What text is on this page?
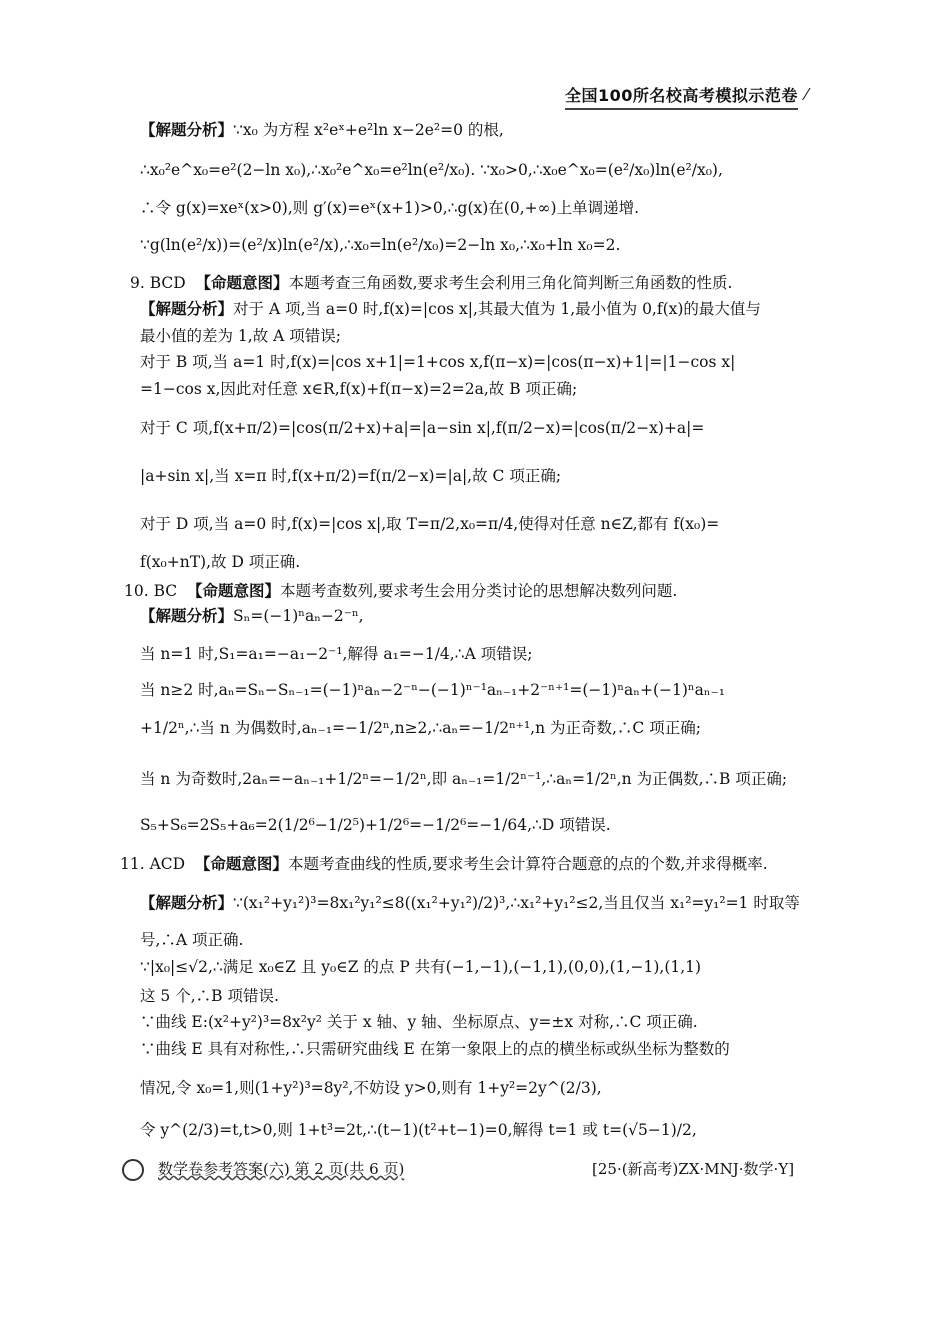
全国100所名校高考模拟示范卷 ⁄
【解题分析】∵x₀ 为方程 x²eˣ+e²ln x−2e²=0 的根,
∴x₀²e^x₀=e²(2−ln x₀),∴x₀²e^x₀=e²ln(e²/x₀). ∵x₀>0,∴x₀e^x₀=(e²/x₀)ln(e²/x₀),
∴令 g(x)=xeˣ(x>0),则 g′(x)=eˣ(x+1)>0,∴g(x)在(0,+∞)上单调递增.
∵g(ln(e²/x))=(e²/x)ln(e²/x),∴x₀=ln(e²/x₀)=2−ln x₀,∴x₀+ln x₀=2.
9. BCD 【命题意图】本题考查三角函数,要求考生会利用三角化简判断三角函数的性质.
【解题分析】对于 A 项,当 a=0 时,f(x)=|cos x|,其最大值为 1,最小值为 0,f(x)的最大值与
最小值的差为 1,故 A 项错误;
对于 B 项,当 a=1 时,f(x)=|cos x+1|=1+cos x,f(π−x)=|cos(π−x)+1|=|1−cos x|
=1−cos x,因此对任意 x∈R,f(x)+f(π−x)=2=2a,故 B 项正确;
对于 C 项,f(x+π/2)=|cos(π/2+x)+a|=|a−sin x|,f(π/2−x)=|cos(π/2−x)+a|=
|a+sin x|,当 x=π 时,f(x+π/2)=f(π/2−x)=|a|,故 C 项正确;
对于 D 项,当 a=0 时,f(x)=|cos x|,取 T=π/2,x₀=π/4,使得对任意 n∈Z,都有 f(x₀)=
f(x₀+nT),故 D 项正确.
10. BC 【命题意图】本题考查数列,要求考生会用分类讨论的思想解决数列问题.
【解题分析】Sₙ=(−1)ⁿaₙ−2⁻ⁿ,
当 n=1 时,S₁=a₁=−a₁−2⁻¹,解得 a₁=−1/4,∴A 项错误;
当 n≥2 时,aₙ=Sₙ−Sₙ₋₁=(−1)ⁿaₙ−2⁻ⁿ−(−1)ⁿ⁻¹aₙ₋₁+2⁻ⁿ⁺¹=(−1)ⁿaₙ+(−1)ⁿaₙ₋₁
+1/2ⁿ,∴当 n 为偶数时,aₙ₋₁=−1/2ⁿ,n≥2,∴aₙ=−1/2ⁿ⁺¹,n 为正奇数,∴C 项正确;
当 n 为奇数时,2aₙ=−aₙ₋₁+1/2ⁿ=−1/2ⁿ,即 aₙ₋₁=1/2ⁿ⁻¹,∴aₙ=1/2ⁿ,n 为正偶数,∴B 项正确;
S₅+S₆=2S₅+a₆=2(1/2⁶−1/2⁵)+1/2⁶=−1/2⁶=−1/64,∴D 项错误.
11. ACD 【命题意图】本题考查曲线的性质,要求考生会计算符合题意的点的个数,并求得概率.
【解题分析】∵(x₁²+y₁²)³=8x₁²y₁²≤8((x₁²+y₁²)/2)³,∴x₁²+y₁²≤2,当且仅当 x₁²=y₁²=1 时取等
号,∴A 项正确.
∵|x₀|≤√2,∴满足 x₀∈Z 且 y₀∈Z 的点 P 共有(−1,−1),(−1,1),(0,0),(1,−1),(1,1)
这 5 个,∴B 项错误.
∵曲线 E:(x²+y²)³=8x²y² 关于 x 轴、y 轴、坐标原点、y=±x 对称,∴C 项正确.
∵曲线 E 具有对称性,∴只需研究曲线 E 在第一象限上的点的横坐标或纵坐标为整数的
情况,令 x₀=1,则(1+y²)³=8y²,不妨设 y>0,则有 1+y²=2y^(2/3),
令 y^(2/3)=t,t>0,则 1+t³=2t,∴(t−1)(t²+t−1)=0,解得 t=1 或 t=(√5−1)/2,
数学卷参考答案(六) 第 2 页(共 6 页)	[25·(新高考)ZX·MNJ·数学·Y]
